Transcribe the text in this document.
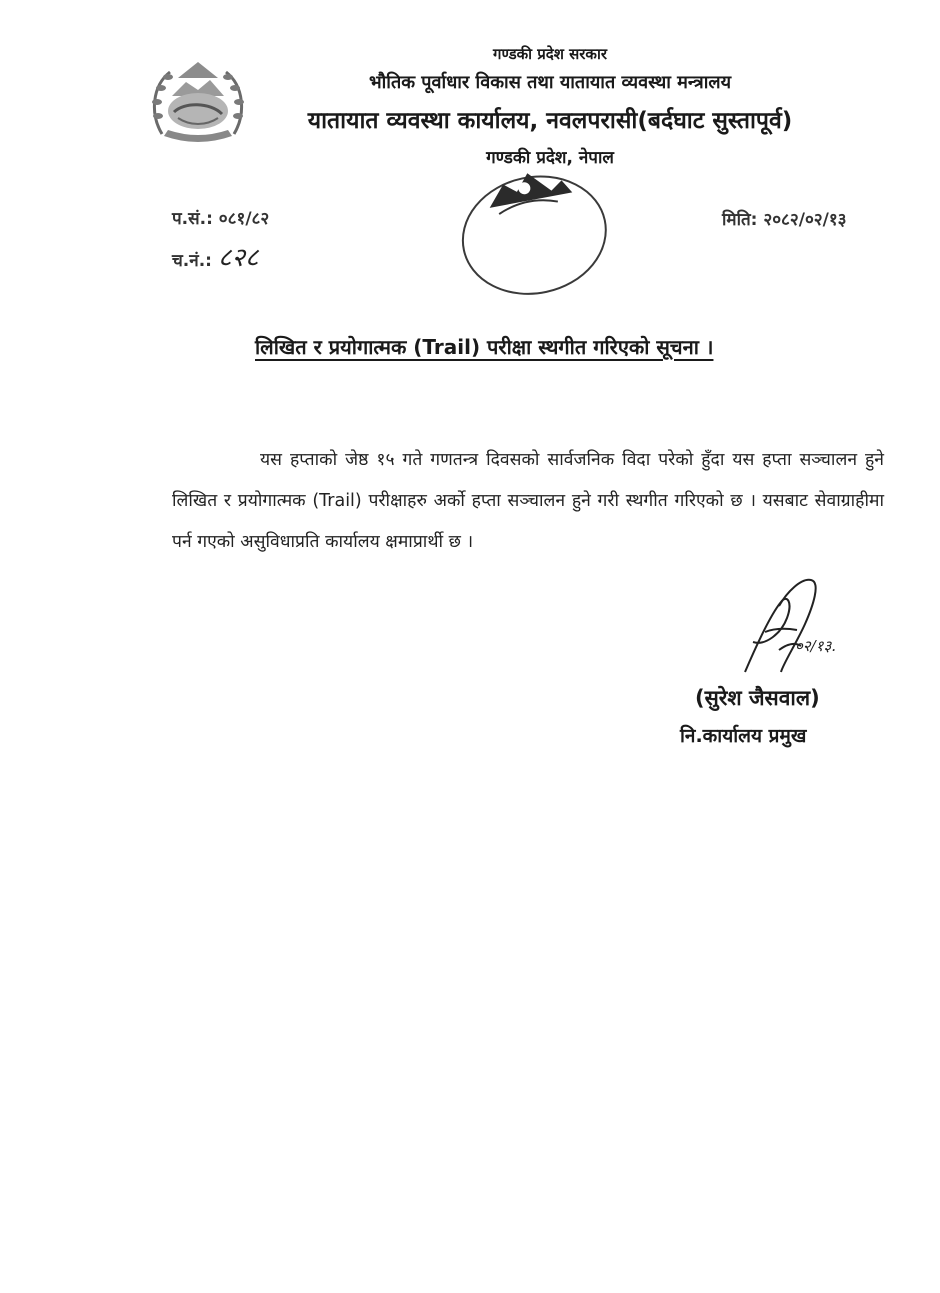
गण्डकी प्रदेश सरकार
भौतिक पूर्वाधार विकास तथा यातायात व्यवस्था मन्त्रालय
यातायात व्यवस्था कार्यालय, नवलपरासी(बर्दघाट सुस्तापूर्व)
गण्डकी प्रदेश, नेपाल
प.सं.: ०८१/८२
च.नं.: ८२८
मिति: २०८२/०२/१३
लिखित र प्रयोगात्मक (Trail) परीक्षा स्थगीत गरिएको सूचना ।

यस हप्ताको जेष्ठ १५ गते गणतन्त्र दिवसको सार्वजनिक विदा परेको हुँदा यस हप्ता सञ्चालन हुने लिखित र प्रयोगात्मक (Trail) परीक्षाहरु अर्को हप्ता सञ्चालन हुने गरी स्थगीत गरिएको छ । यसबाट सेवाग्राहीमा पर्न गएको असुविधाप्रति कार्यालय क्षमाप्रार्थी छ ।

०२/१३.
(सुरेश जैसवाल)
नि.कार्यालय प्रमुख
